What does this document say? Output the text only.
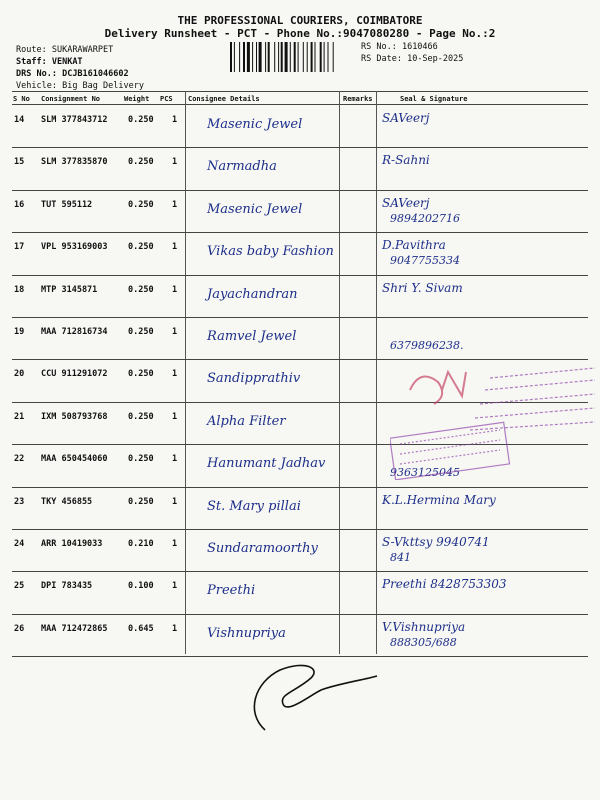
THE PROFESSIONAL COURIERS, COIMBATORE
Delivery Runsheet - PCT - Phone No.:9047080280 - Page No.:2
Route: SUKARAWARPET
Staff: VENKAT
DRS No.: DCJB161046602
Vehicle: Big Bag Delivery
RS No.: 1610466
RS Date: 10-Sep-2025
S No Consignment No	Weight PCS Consignee Details	Remarks	Seal & Signature
14 SLM 377843712 0.250 1 Masenic Jewel	SAVeerj
15 SLM 377835870 0.250 1 Narmadha	R-Sahni
16 TUT 595112	0.250 1 Masenic Jewel	SAVeerj
9894202716
17 VPL 953169003 0.250 1 Vikas baby Fashion	D.Pavithra
9047755334
18 MTP 3145871	0.250 1 Jayachandran	Shri Y. Sivam
19 MAA 712816734 0.250 1 Ramvel Jewel
6379896238.
20 CCU 911291072 0.250 1 Sandipprathiv
21 IXM 508793768 0.250 1 Alpha Filter
22 MAA 650454060 0.250 1 Hanumant Jadhav
9363125045
23 TKY 456855	0.250 1 St. Mary pillai	K.L.Hermina Mary
24 ARR 10419033	0.210 1 Sundaramoorthy	S-Vkttsy 9940741
841
25 DPI 783435	0.100 1 Preethi	Preethi 8428753303
26 MAA 712472865 0.645 1 Vishnupriya	V.Vishnupriya
888305/688
